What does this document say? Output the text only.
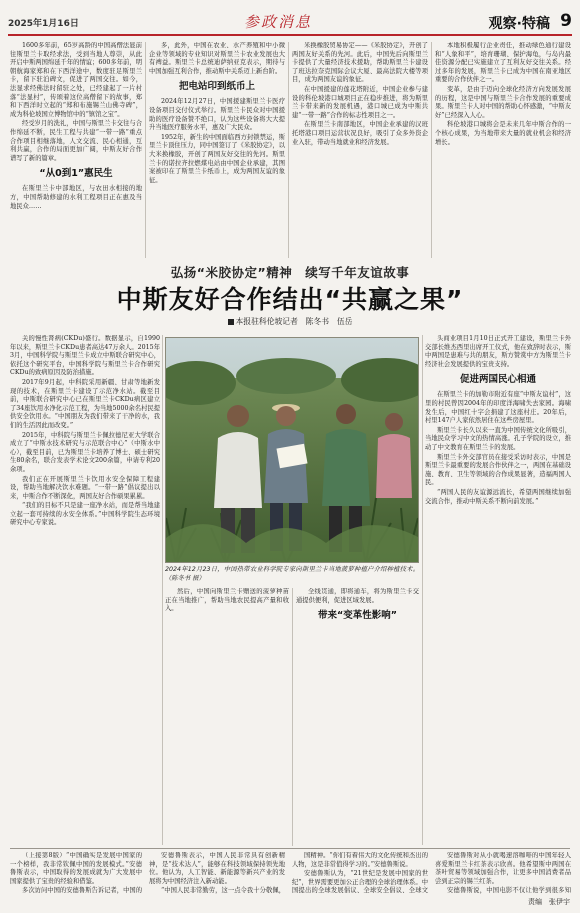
2025年1月16日	参政消息	观察·特稿 9

1600多年前，65岁高龄的中国高僧法显前往斯里兰卡取经求法，受到当地人尊崇，从此开启中斯两国绵延千年的情谊；600多年前，明朝航海家郑和在下西洋途中，数度驻足斯里兰卡，留下驻泊碑文，促进了两国交往。如今，法显求经佛法时留驻之处，已经建起了一片村落“法显村”，传颂着这位高僧留下的故事，郑和下西洋时立起的“郑和布施锡兰山佛寺碑”，成为科伦坡国立博物馆中的“镇馆之宝”。

经受岁月的洗礼，中国与斯里兰卡交往与合作绵延不断，民生工程与共建“一带一路”重点合作项目相继落地，人文交流、民心相通，互利共赢，合作的局面更加广阔，中斯友好合作谱写了新的篇章。

“从0到1”惠民生

在斯里兰卡中部地区，与农田水相接的地方，中国帮助修建的水利工程项目正在惠及当地民众……

多，此外，中国在农业、水产养殖和中小微企业等领域的专业知识对斯里兰卡农业发展也大有裨益。斯里兰卡总统迪萨纳亚克表示，期待与中国加强互利合作，推动斯中关系迈上新台阶。

把电站印到纸币上

2024年12月27日，中国援建斯里兰卡医疗设备项目交付仪式举行。斯里兰卡民众对中国援助的医疗设备赞不绝口，认为这些设备将大大提升当地医疗服务水平，惠及广大民众。

1952年，新生的中国面临西方封锁禁运，斯里兰卡顶住压力，同中国签订了《米胶协定》，以大米换橡胶，开创了两国友好交往的先河。斯里兰卡的诺拉齐拉燃煤电站由中国企业承建，其图案被印在了斯里兰卡纸币上，成为两国友谊的象征。

米换橡胶贸易协定——《米胶协定》，开创了两国友好关系的先河。此后，中国先后向斯里兰卡提供了大量经济技术援助，帮助斯里兰卡建设了班达拉奈克国际会议大厦、最高法院大楼等项目，成为两国友谊的象征。

在中国援建的莲花塔附近，中国企业参与建设的科伦坡港口城项目正在稳步推进，将为斯里兰卡带来新的发展机遇，港口城已成为中斯共建“一带一路”合作的标志性项目之一。

在斯里兰卡南部地区，中国企业承建的汉班托塔港口项目运营状况良好，吸引了众多外资企业入驻，带动当地就业和经济发展。

本地积极履行企业责任，推动绿色通行建设和“人象和平”，培育珊瑚、保护海龟，与岛内最佳资源分配已实施建立了互利友好交往关系。经过多年的发展，斯里兰卡已成为中国在南亚地区重要的合作伙伴之一。

变革，是由于迈向全球化经济方向发展发展的历程，这是中国与斯里兰卡合作发展的重要成果。斯里兰卡人对中国的帮助心怀感激，“中斯友好”已经深入人心。

科伦坡港口城将会是未来几年中斯合作的一个核心成果，为当地带来大量的就业机会和经济增长。

弘扬“米胶协定”精神　续写千年友谊故事
中斯友好合作结出“共赢之果”
本报驻科伦坡记者　陈冬书　伍岳

关的慢性肾病(CKDu)盛行。数据显示，自1990年以来，斯里兰卡CKDu患者高达47万余人。2015年3月，中国科学院与斯里兰卡成立中斯联合研究中心，依托这个研究平台，中国科学院与斯里兰卡合作研究CKDu的致病原因及防治措施。

2017年9月起，中科院采用新疆、甘肃等地新发现的技术，在斯里兰卡建设了示范净水站。截至目前，中斯联合研究中心已在斯里兰卡CKDu病区建立了34座饮用水净化示范工程，为当地5000余名村民提供安全饮用水。“中国朋友为我们带来了干净的水，我们的生活因此而改变。”

2015年，中科院与斯里兰卡佩拉德尼亚大学联合成立了“中斯水技术研究与示范联合中心”（中斯水中心），截至目前，已为斯里兰卡培养了博士、硕士研究生80余名，联合发表学术论文200余篇，申请专利20余项。

我们正在开展斯里兰卡饮用水安全保障工程建设，帮助当地解决饮水难题。“一带一路”倡议提出以来，中斯合作不断深化，两国友好合作硕果累累。

“我们的目标不只是建一座净水站，而是帮当地建立起一套可持续的水安全体系。”中国科学院生态环境研究中心专家说。

2024年12月23日，中国热带农业科学院专家向斯里兰卡当地菠萝种植户介绍种植技术。（陈冬书 摄）

然后，中国向斯里兰卡赠送的菠萝种苗正在当地推广，帮助当地农民提高产量和收入。

全线贯通，即将通车，将为斯里兰卡交通提供便利，促进区域发展。

带来“变革性影响”

头商业项目1月10日正式开工建设，斯里兰卡外交部长维杰西里出席开工仪式，他在致辞时表示，斯中两国是患难与共的朋友，斯方赞赏中方为斯里兰卡经济社会发展提供的宝贵支持。

促进两国民心相通

在斯里兰卡的加勒市附近有座“中斯友谊村”，这里的村民曾因2004年的印度洋海啸失去家园。海啸发生后，中国红十字会捐建了这座村庄。20年后，村里147户人家依然居住在这些房屋里。

斯里兰卡长久以来一直为中国传统文化所吸引，当地民众学习中文的热情高涨。孔子学院的设立，推动了中文教育在斯里兰卡的发展。

斯里兰卡外交部官员在接受采访时表示，中国是斯里兰卡最重要的发展合作伙伴之一，两国在基础设施、教育、卫生等领域的合作成果显著，造福两国人民。

“两国人民的友谊源远流长，希望两国继续加强交流合作，推动中斯关系不断向前发展。”

（上接第8版）“中国确实是发展中国家的一个榜样，我非常钦佩中国的发展模式。”安德鲁斯表示，中国取得的发展成就为广大发展中国家提供了宝贵的经验和借鉴。

多次访问中国的安德鲁斯告诉记者，中国的

安德鲁斯表示，中国人民非常具有创新精神，是“技术达人”，能够在科技领域保持领先地位。他认为，人工智能、新能源等新兴产业的发展将为中国经济注入新动能。

“中国人民非常勤劳，这一点令我十分敬佩，

国精神。“你们有着伟大的文化传统和杰出的人物，这是非常值得学习的。”安德鲁斯说。

安德鲁斯认为，“21世纪是发展中国家的世纪”，世界需要更加公正合理的全球治理体系。中国提出的全球发展倡议、全球安全倡议、全球文

安德鲁斯对从小就喝速溶咖啡的中国年轻人喜爱斯里兰卡红茶表示欣喜。他希望斯中两国在茶叶贸易等领域加强合作，让更多中国消费者品尝到正宗的锡兰红茶。

安德鲁斯说，中国电影不仅让他学到很多知

责编　张伊宇
